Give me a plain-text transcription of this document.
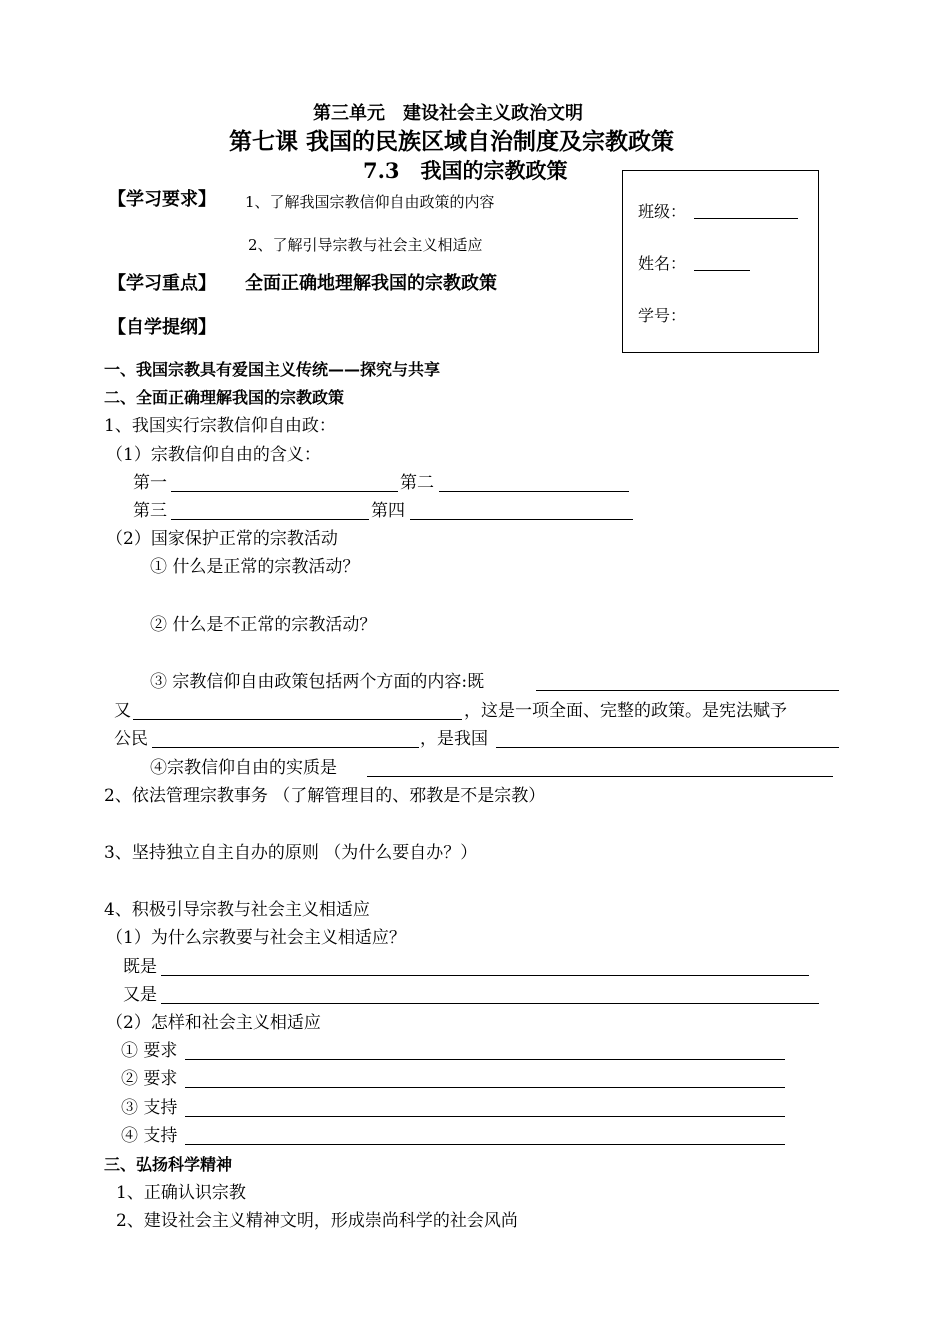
第三单元　建设社会主义政治文明
第七课 我国的民族区域自治制度及宗教政策
7.3　我国的宗教政策
班级：
姓名：
学号：
【学习要求】 1、了解我国宗教信仰自由政策的内容
2、了解引导宗教与社会主义相适应
【学习重点】 全面正确地理解我国的宗教政策
【自学提纲】
一、我国宗教具有爱国主义传统——探究与共享
二、全面正确理解我国的宗教政策
1、我国实行宗教信仰自由政：
（1）宗教信仰自由的含义：
第一	第二
第三	第四
（2）国家保护正常的宗教活动
① 什么是正常的宗教活动？
② 什么是不正常的宗教活动？
③ 宗教信仰自由政策包括两个方面的内容:既
又	，这是一项全面、完整的政策。是宪法赋予
公民	，是我国
④宗教信仰自由的实质是
2、依法管理宗教事务 （了解管理目的、邪教是不是宗教）
3、坚持独立自主自办的原则 （为什么要自办？）
4、积极引导宗教与社会主义相适应
（1）为什么宗教要与社会主义相适应？
既是
又是
（2）怎样和社会主义相适应
① 要求
② 要求
③ 支持
④ 支持
三、弘扬科学精神
1、正确认识宗教
2、建设社会主义精神文明，形成崇尚科学的社会风尚
